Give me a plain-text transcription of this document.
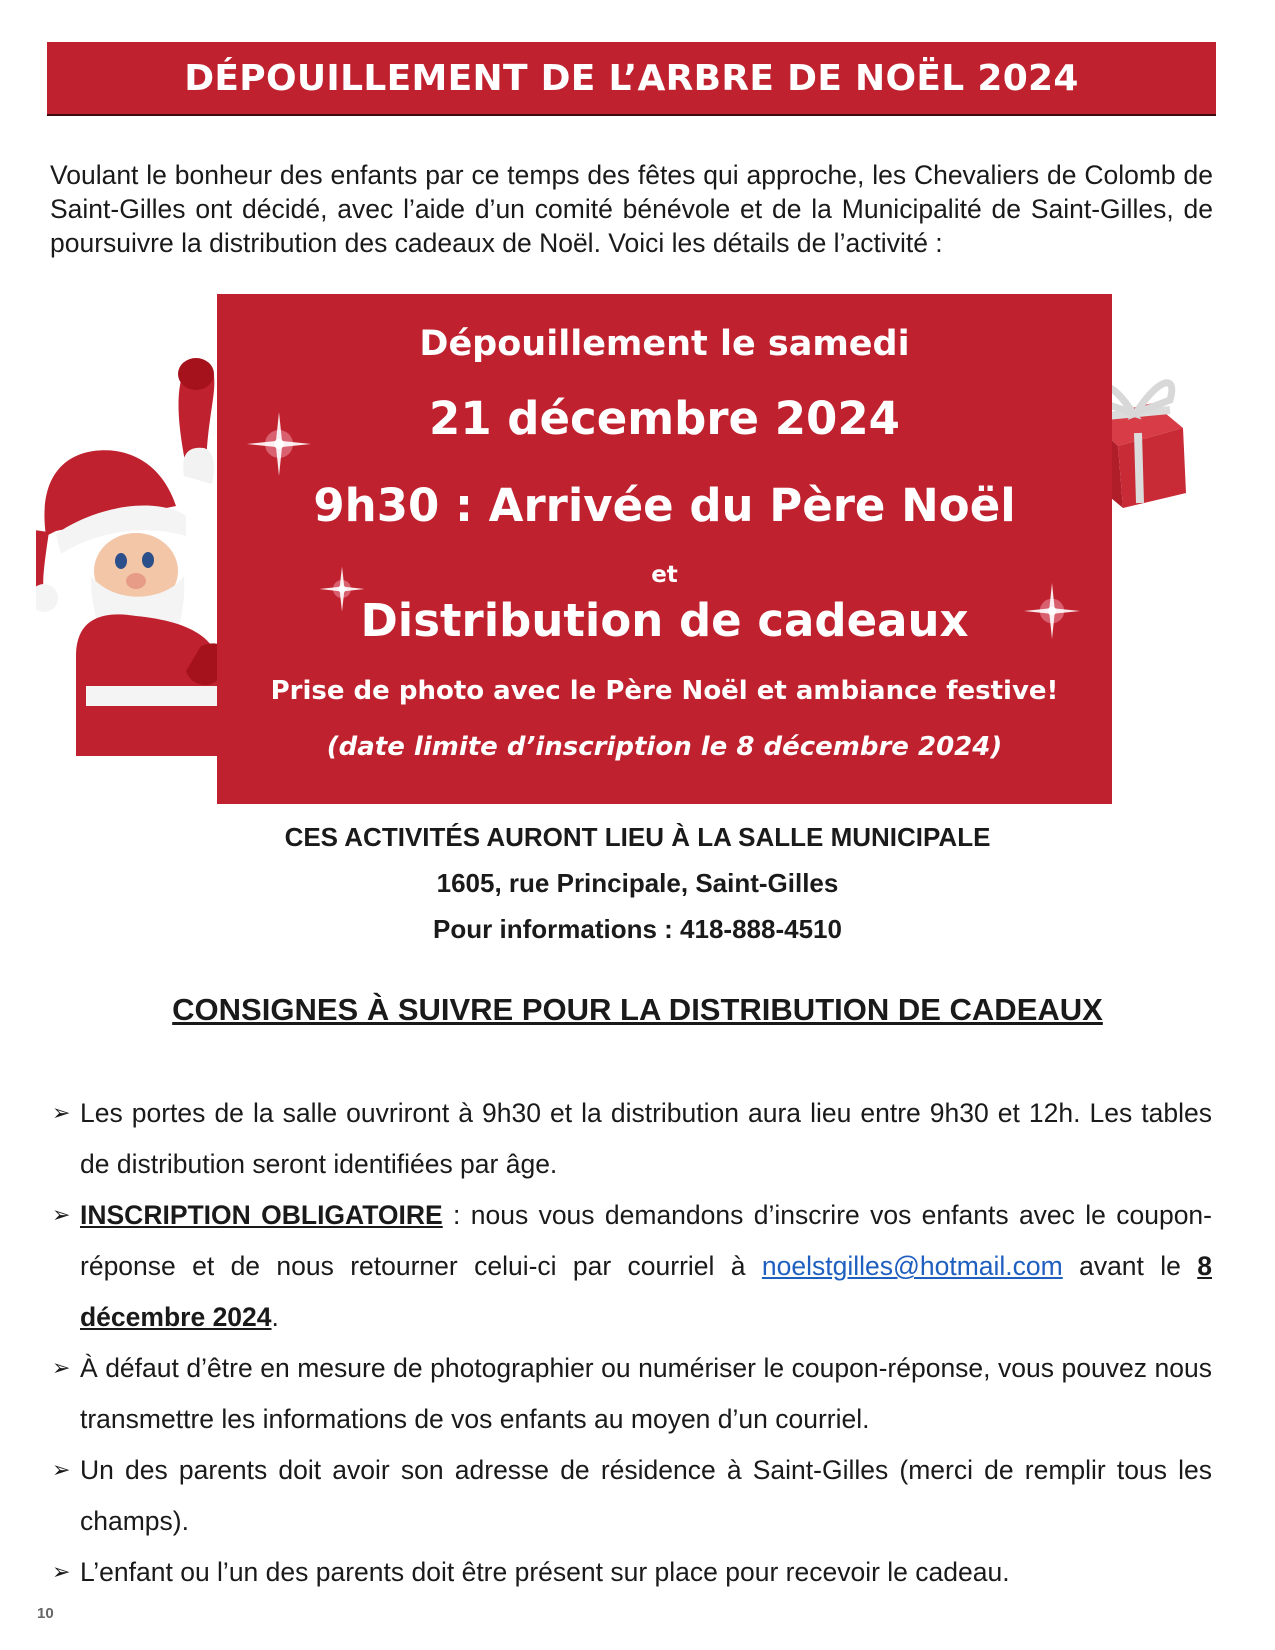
DÉPOUILLEMENT DE L’ARBRE DE NOËL 2024

Voulant le bonheur des enfants par ce temps des fêtes qui approche, les Chevaliers de Colomb de Saint-Gilles ont décidé, avec l’aide d’un comité bénévole et de la Municipalité de Saint-Gilles, de poursuivre la distribution des cadeaux de Noël. Voici les détails de l’activité :

Dépouillement le samedi
21 décembre 2024
9h30 : Arrivée du Père Noël
et
Distribution de cadeaux
Prise de photo avec le Père Noël et ambiance festive!
(date limite d’inscription le 8 décembre 2024)
CES ACTIVITÉS AURONT LIEU À LA SALLE MUNICIPALE
1605, rue Principale, Saint-Gilles
Pour informations : 418-888-4510
CONSIGNES À SUIVRE POUR LA DISTRIBUTION DE CADEAUX
➢ Les portes de la salle ouvriront à 9h30 et la distribution aura lieu entre 9h30 et 12h. Les tables de distribution seront identifiées par âge.
➢ INSCRIPTION OBLIGATOIRE : nous vous demandons d’inscrire vos enfants avec le coupon-réponse et de nous retourner celui-ci par courriel à noelstgilles@hotmail.com avant le 8 décembre 2024.
➢ À défaut d’être en mesure de photographier ou numériser le coupon-réponse, vous pouvez nous transmettre les informations de vos enfants au moyen d’un courriel.
➢ Un des parents doit avoir son adresse de résidence à Saint-Gilles (merci de remplir tous les champs).
➢ L’enfant ou l’un des parents doit être présent sur place pour recevoir le cadeau.
10
